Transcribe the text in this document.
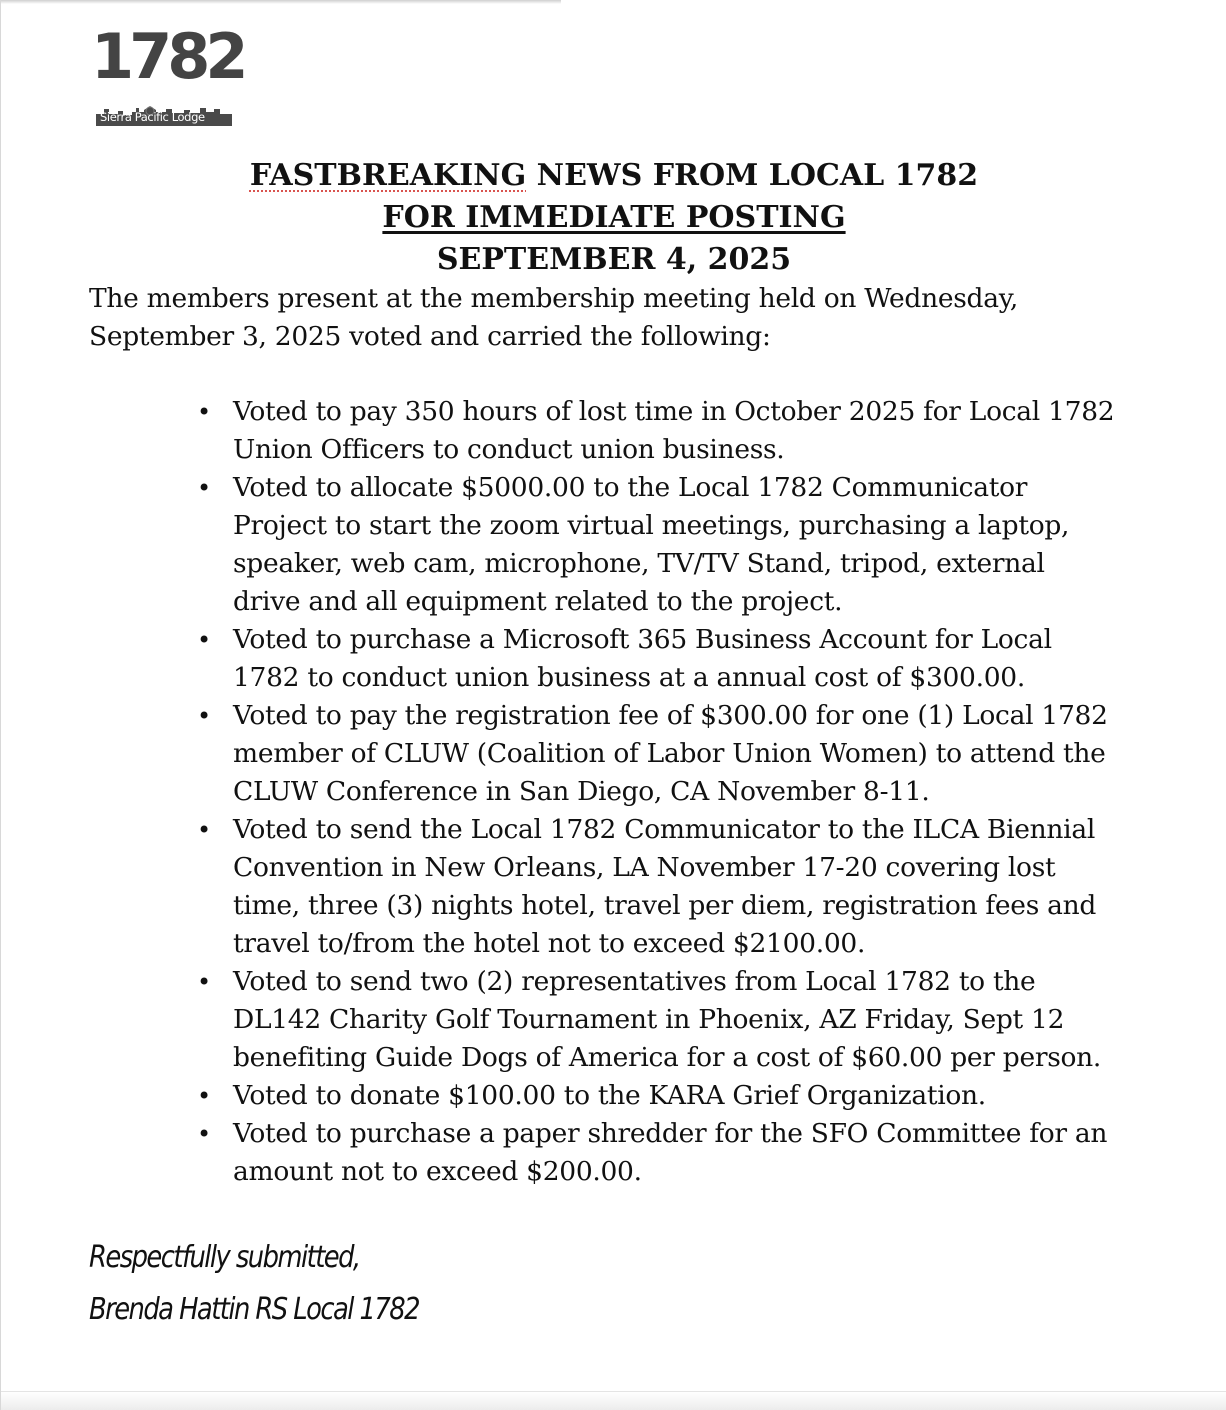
1782
Sierra Pacific Lodge
FASTBREAKING NEWS FROM LOCAL 1782
FOR IMMEDIATE POSTING
SEPTEMBER 4, 2025
The members present at the membership meeting held on Wednesday,
September 3, 2025 voted and carried the following:
• Voted to pay 350 hours of lost time in October 2025 for Local 1782
Union Officers to conduct union business.
• Voted to allocate $5000.00 to the Local 1782 Communicator
Project to start the zoom virtual meetings, purchasing a laptop,
speaker, web cam, microphone, TV/TV Stand, tripod, external
drive and all equipment related to the project.
• Voted to purchase a Microsoft 365 Business Account for Local
1782 to conduct union business at a annual cost of $300.00.
• Voted to pay the registration fee of $300.00 for one (1) Local 1782
member of CLUW (Coalition of Labor Union Women) to attend the
CLUW Conference in San Diego, CA November 8-11.
• Voted to send the Local 1782 Communicator to the ILCA Biennial
Convention in New Orleans, LA November 17-20 covering lost
time, three (3) nights hotel, travel per diem, registration fees and
travel to/from the hotel not to exceed $2100.00.
• Voted to send two (2) representatives from Local 1782 to the
DL142 Charity Golf Tournament in Phoenix, AZ Friday, Sept 12
benefiting Guide Dogs of America for a cost of $60.00 per person.
• Voted to donate $100.00 to the KARA Grief Organization.
• Voted to purchase a paper shredder for the SFO Committee for an
amount not to exceed $200.00.
Respectfully submitted,
Brenda Hattin RS Local 1782
